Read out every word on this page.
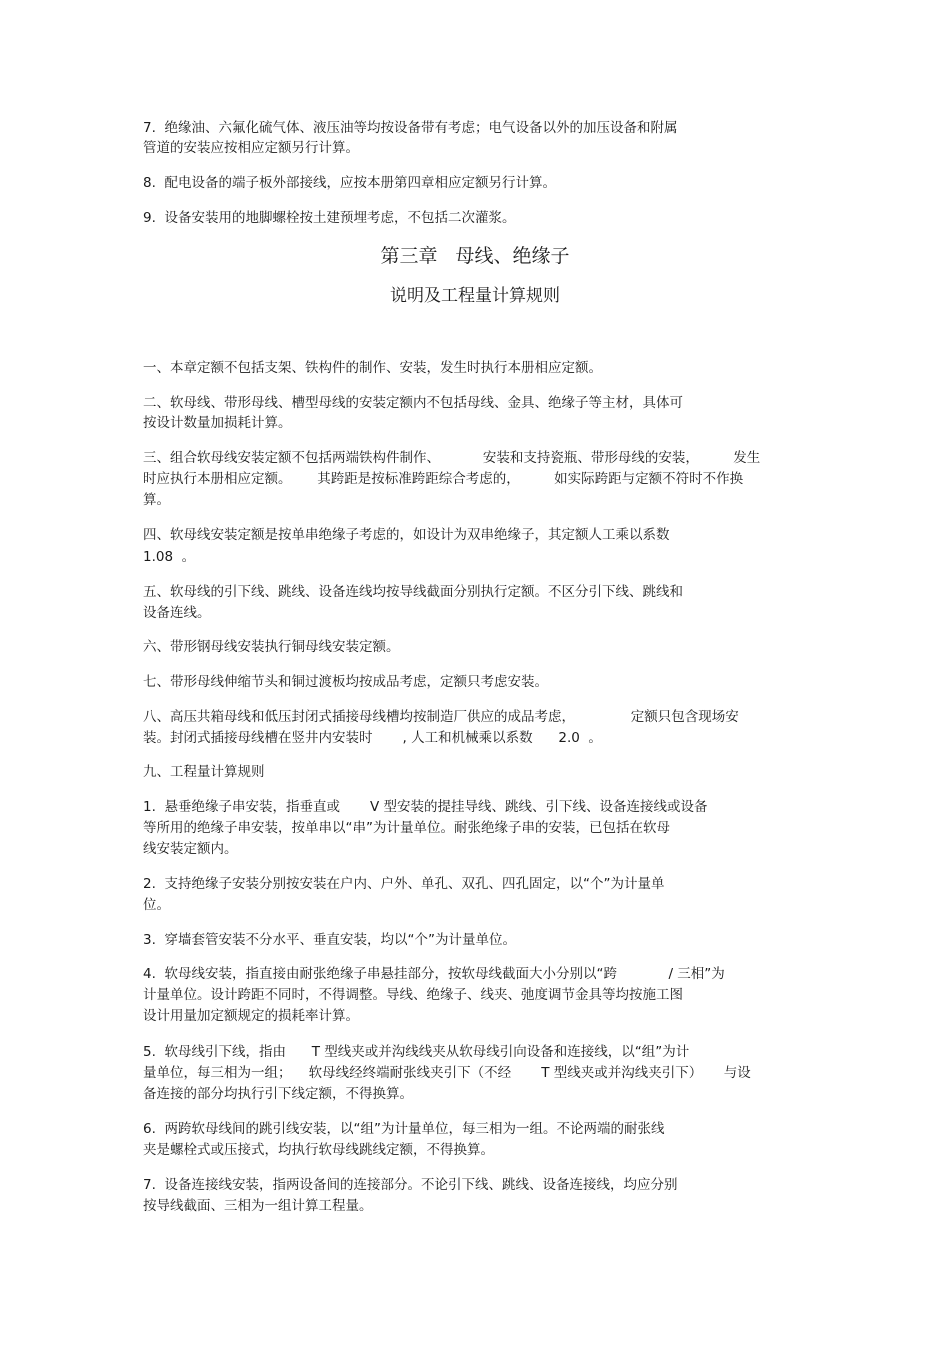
7.  绝缘油、六氟化硫气体、液压油等均按设备带有考虑；电气设备以外的加压设备和附属
管道的安装应按相应定额另行计算。
8.  配电设备的端子板外部接线，应按本册第四章相应定额另行计算。
9.  设备安装用的地脚螺栓按土建预埋考虑，不包括二次灌浆。
第三章   母线、绝缘子
说明及工程量计算规则
一、本章定额不包括支架、铁构件的制作、安装，发生时执行本册相应定额。
二、软母线、带形母线、槽型母线的安装定额内不包括母线、金具、绝缘子等主材，具体可
按设计数量加损耗计算。
三、组合软母线安装定额不包括两端铁构件制作、          安装和支持瓷瓶、带形母线的安装，        发生
时应执行本册相应定额。      其跨距是按标准跨距综合考虑的，        如实际跨距与定额不符时不作换
算。
四、软母线安装定额是按单串绝缘子考虑的，如设计为双串绝缘子，其定额人工乘以系数
1.08  。
五、软母线的引下线、跳线、设备连线均按导线截面分别执行定额。不区分引下线、跳线和
设备连线。
六、带形钢母线安装执行铜母线安装定额。
七、带形母线伸缩节头和铜过渡板均按成品考虑，定额只考虑安装。
八、高压共箱母线和低压封闭式插接母线槽均按制造厂供应的成品考虑，             定额只包含现场安
装。封闭式插接母线槽在竖井内安装时       , 人工和机械乘以系数      2.0  。
九、工程量计算规则
1.  悬垂绝缘子串安装，指垂直或       V 型安装的提挂导线、跳线、引下线、设备连接线或设备
等所用的绝缘子串安装，按单串以“串”为计量单位。耐张绝缘子串的安装，已包括在软母
线安装定额内。
2.  支持绝缘子安装分别按安装在户内、户外、单孔、双孔、四孔固定，以“个”为计量单
位。
3.  穿墙套管安装不分水平、垂直安装，均以“个”为计量单位。
4.  软母线安装，指直接由耐张绝缘子串悬挂部分，按软母线截面大小分别以“跨            / 三相”为
计量单位。设计跨距不同时，不得调整。导线、绝缘子、线夹、弛度调节金具等均按施工图
设计用量加定额规定的损耗率计算。
5.  软母线引下线，指由      T 型线夹或并沟线线夹从软母线引向设备和连接线，以“组”为计
量单位，每三相为一组；    软母线经终端耐张线夹引下（不经       T 型线夹或并沟线夹引下）     与设
备连接的部分均执行引下线定额，不得换算。
6.  两跨软母线间的跳引线安装，以“组”为计量单位，每三相为一组。不论两端的耐张线
夹是螺栓式或压接式，均执行软母线跳线定额，不得换算。
7.  设备连接线安装，指两设备间的连接部分。不论引下线、跳线、设备连接线，均应分别
按导线截面、三相为一组计算工程量。
